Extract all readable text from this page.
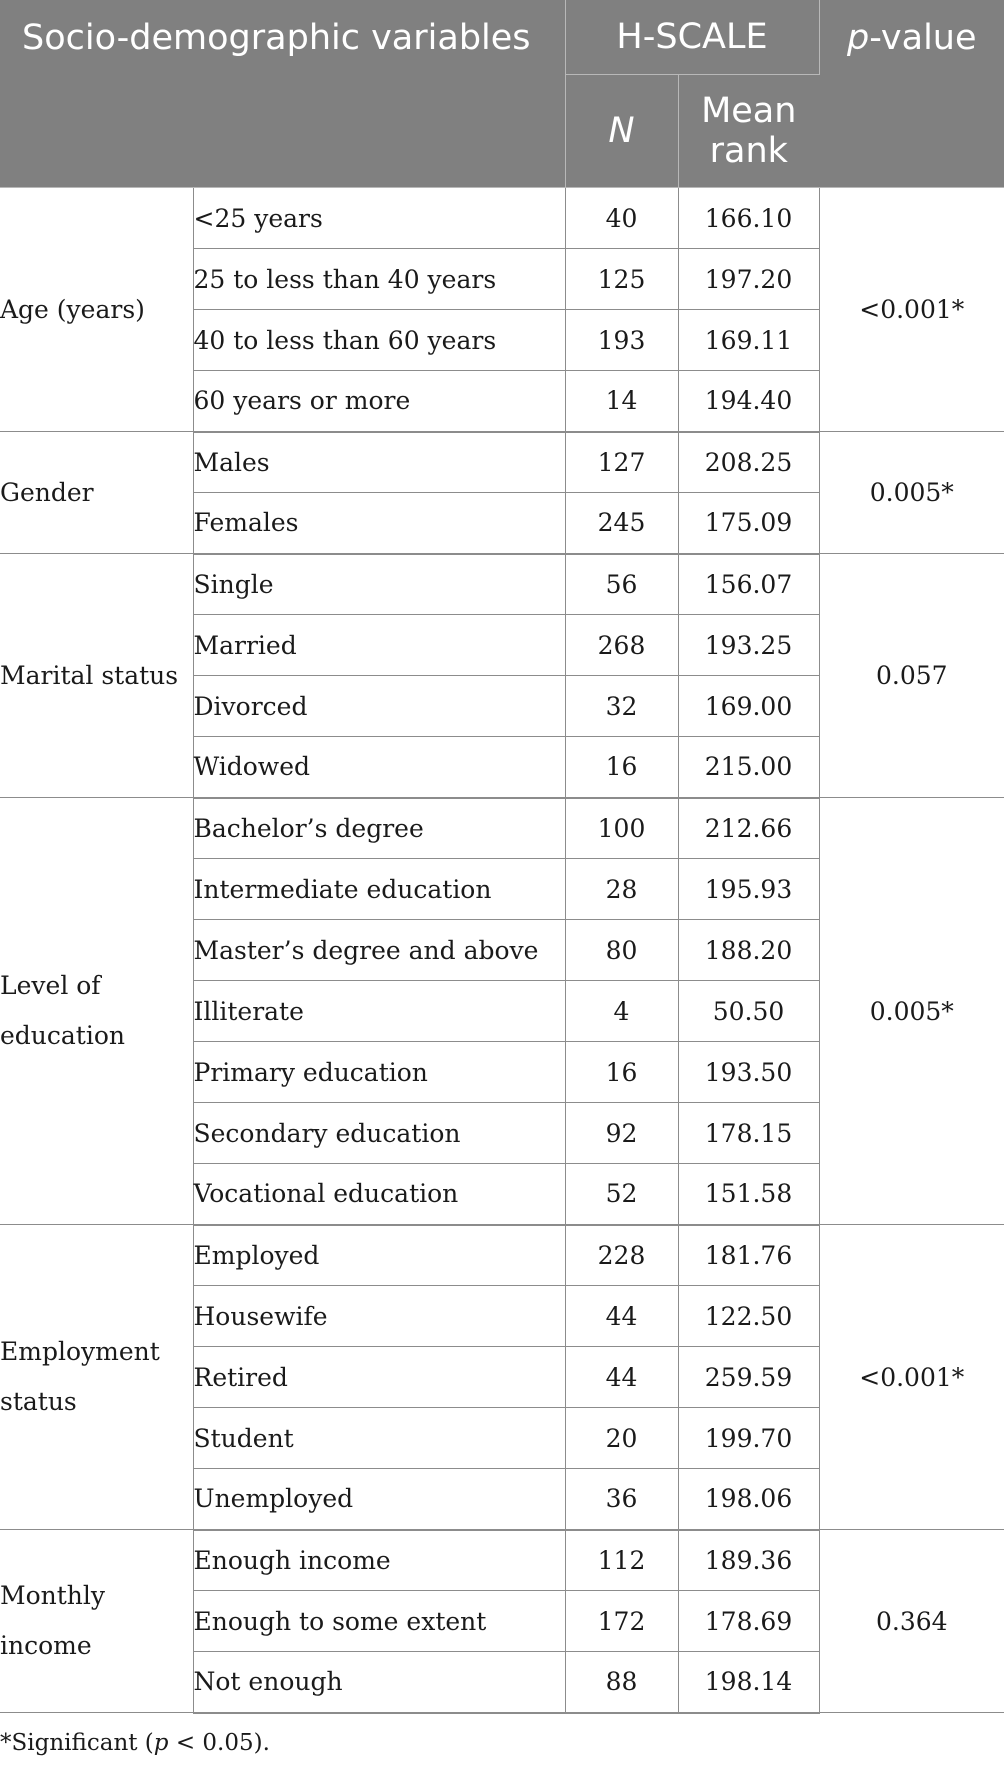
Socio-demographic variables		H-SCALE		p-value
		N	Mean rank	
Age (years)	<25 years	40	166.10	<0.001*
	25 to less than 40 years	125	197.20	
	40 to less than 60 years	193	169.11	
	60 years or more	14	194.40	
Gender	Males	127	208.25	0.005*
	Females	245	175.09	
Marital status	Single	56	156.07	0.057
	Married	268	193.25	
	Divorced	32	169.00	
	Widowed	16	215.00	
Level of education	Bachelor’s degree	100	212.66	0.005*
	Intermediate education	28	195.93	
	Master’s degree and above	80	188.20	
	Illiterate	4	50.50	
	Primary education	16	193.50	
	Secondary education	92	178.15	
	Vocational education	52	151.58	
Employment status	Employed	228	181.76	<0.001*
	Housewife	44	122.50	
	Retired	44	259.59	
	Student	20	199.70	
	Unemployed	36	198.06	
Monthly income	Enough income	112	189.36	0.364
	Enough to some extent	172	178.69	
	Not enough	88	198.14	
*Significant (p < 0.05).
